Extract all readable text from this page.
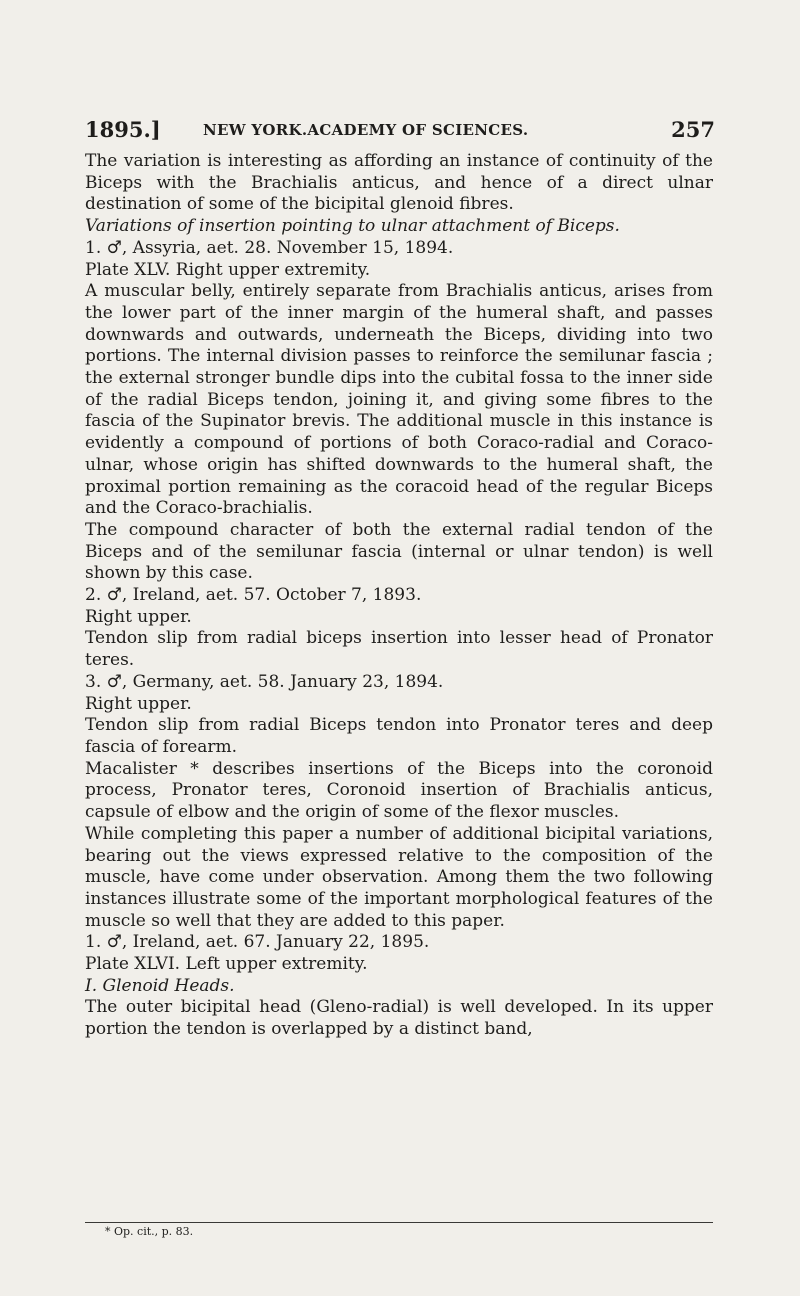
1895.]	NEW YORK.ACADEMY OF SCIENCES.	257

The variation is interesting as affording an instance of continuity of the Biceps with the Brachialis anticus, and hence of a direct ulnar destination of some of the bicipital glenoid fibres.

Variations of insertion pointing to ulnar attachment of Biceps.

1. ♂, Assyria, aet. 28. November 15, 1894.

Plate XLV. Right upper extremity.

A muscular belly, entirely separate from Brachialis anticus, arises from the lower part of the inner margin of the humeral shaft, and passes downwards and outwards, underneath the Biceps, dividing into two portions. The internal division passes to reinforce the semilunar fascia ; the external stronger bundle dips into the cubital fossa to the inner side of the radial Biceps tendon, joining it, and giving some fibres to the fascia of the Supinator brevis. The additional muscle in this instance is evidently a compound of portions of both Coraco-radial and Coraco-ulnar, whose origin has shifted downwards to the humeral shaft, the proximal portion remaining as the coracoid head of the regular Biceps and the Coraco-brachialis.

The compound character of both the external radial tendon of the Biceps and of the semilunar fascia (internal or ulnar tendon) is well shown by this case.

2. ♂, Ireland, aet. 57. October 7, 1893.

Right upper.

Tendon slip from radial biceps insertion into lesser head of Pronator teres.

3. ♂, Germany, aet. 58. January 23, 1894.

Right upper.

Tendon slip from radial Biceps tendon into Pronator teres and deep fascia of forearm.

Macalister * describes insertions of the Biceps into the coronoid process, Pronator teres, Coronoid insertion of Brachialis anticus, capsule of elbow and the origin of some of the flexor muscles.

While completing this paper a number of additional bicipital variations, bearing out the views expressed relative to the composition of the muscle, have come under observation. Among them the two following instances illustrate some of the important morphological features of the muscle so well that they are added to this paper.

1. ♂, Ireland, aet. 67. January 22, 1895.

Plate XLVI. Left upper extremity.

I. Glenoid Heads.

The outer bicipital head (Gleno-radial) is well developed. In its upper portion the tendon is overlapped by a distinct band,

* Op. cit., p. 83.
